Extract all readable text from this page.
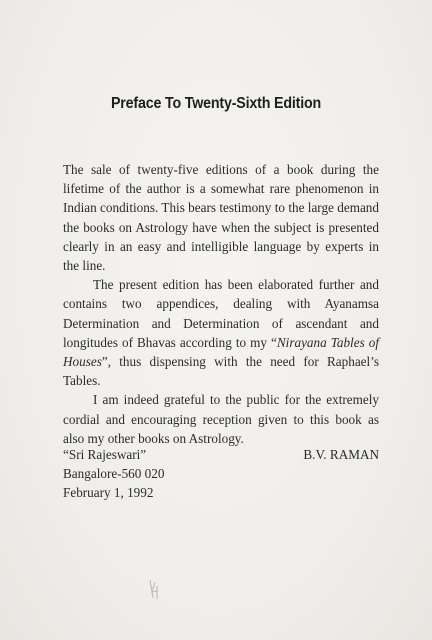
Preface To Twenty-Sixth Edition

The sale of twenty-five editions of a book during the lifetime of the author is a somewhat rare phenomenon in Indian conditions. This bears testimony to the large demand the books on Astrology have when the subject is presented clearly in an easy and intelligible language by experts in the line.

The present edition has been elaborated further and contains two appendices, dealing with Ayanamsa Determination and Determination of ascendant and longitudes of Bhavas according to my “Nirayana Tables of Houses”, thus dispensing with the need for Raphael’s Tables.

I am indeed grateful to the public for the extremely cordial and encouraging reception given to this book as also my other books on Astrology.

“Sri Rajeswari”
Bangalore-560 020
February 1, 1992
B.V. RAMAN
